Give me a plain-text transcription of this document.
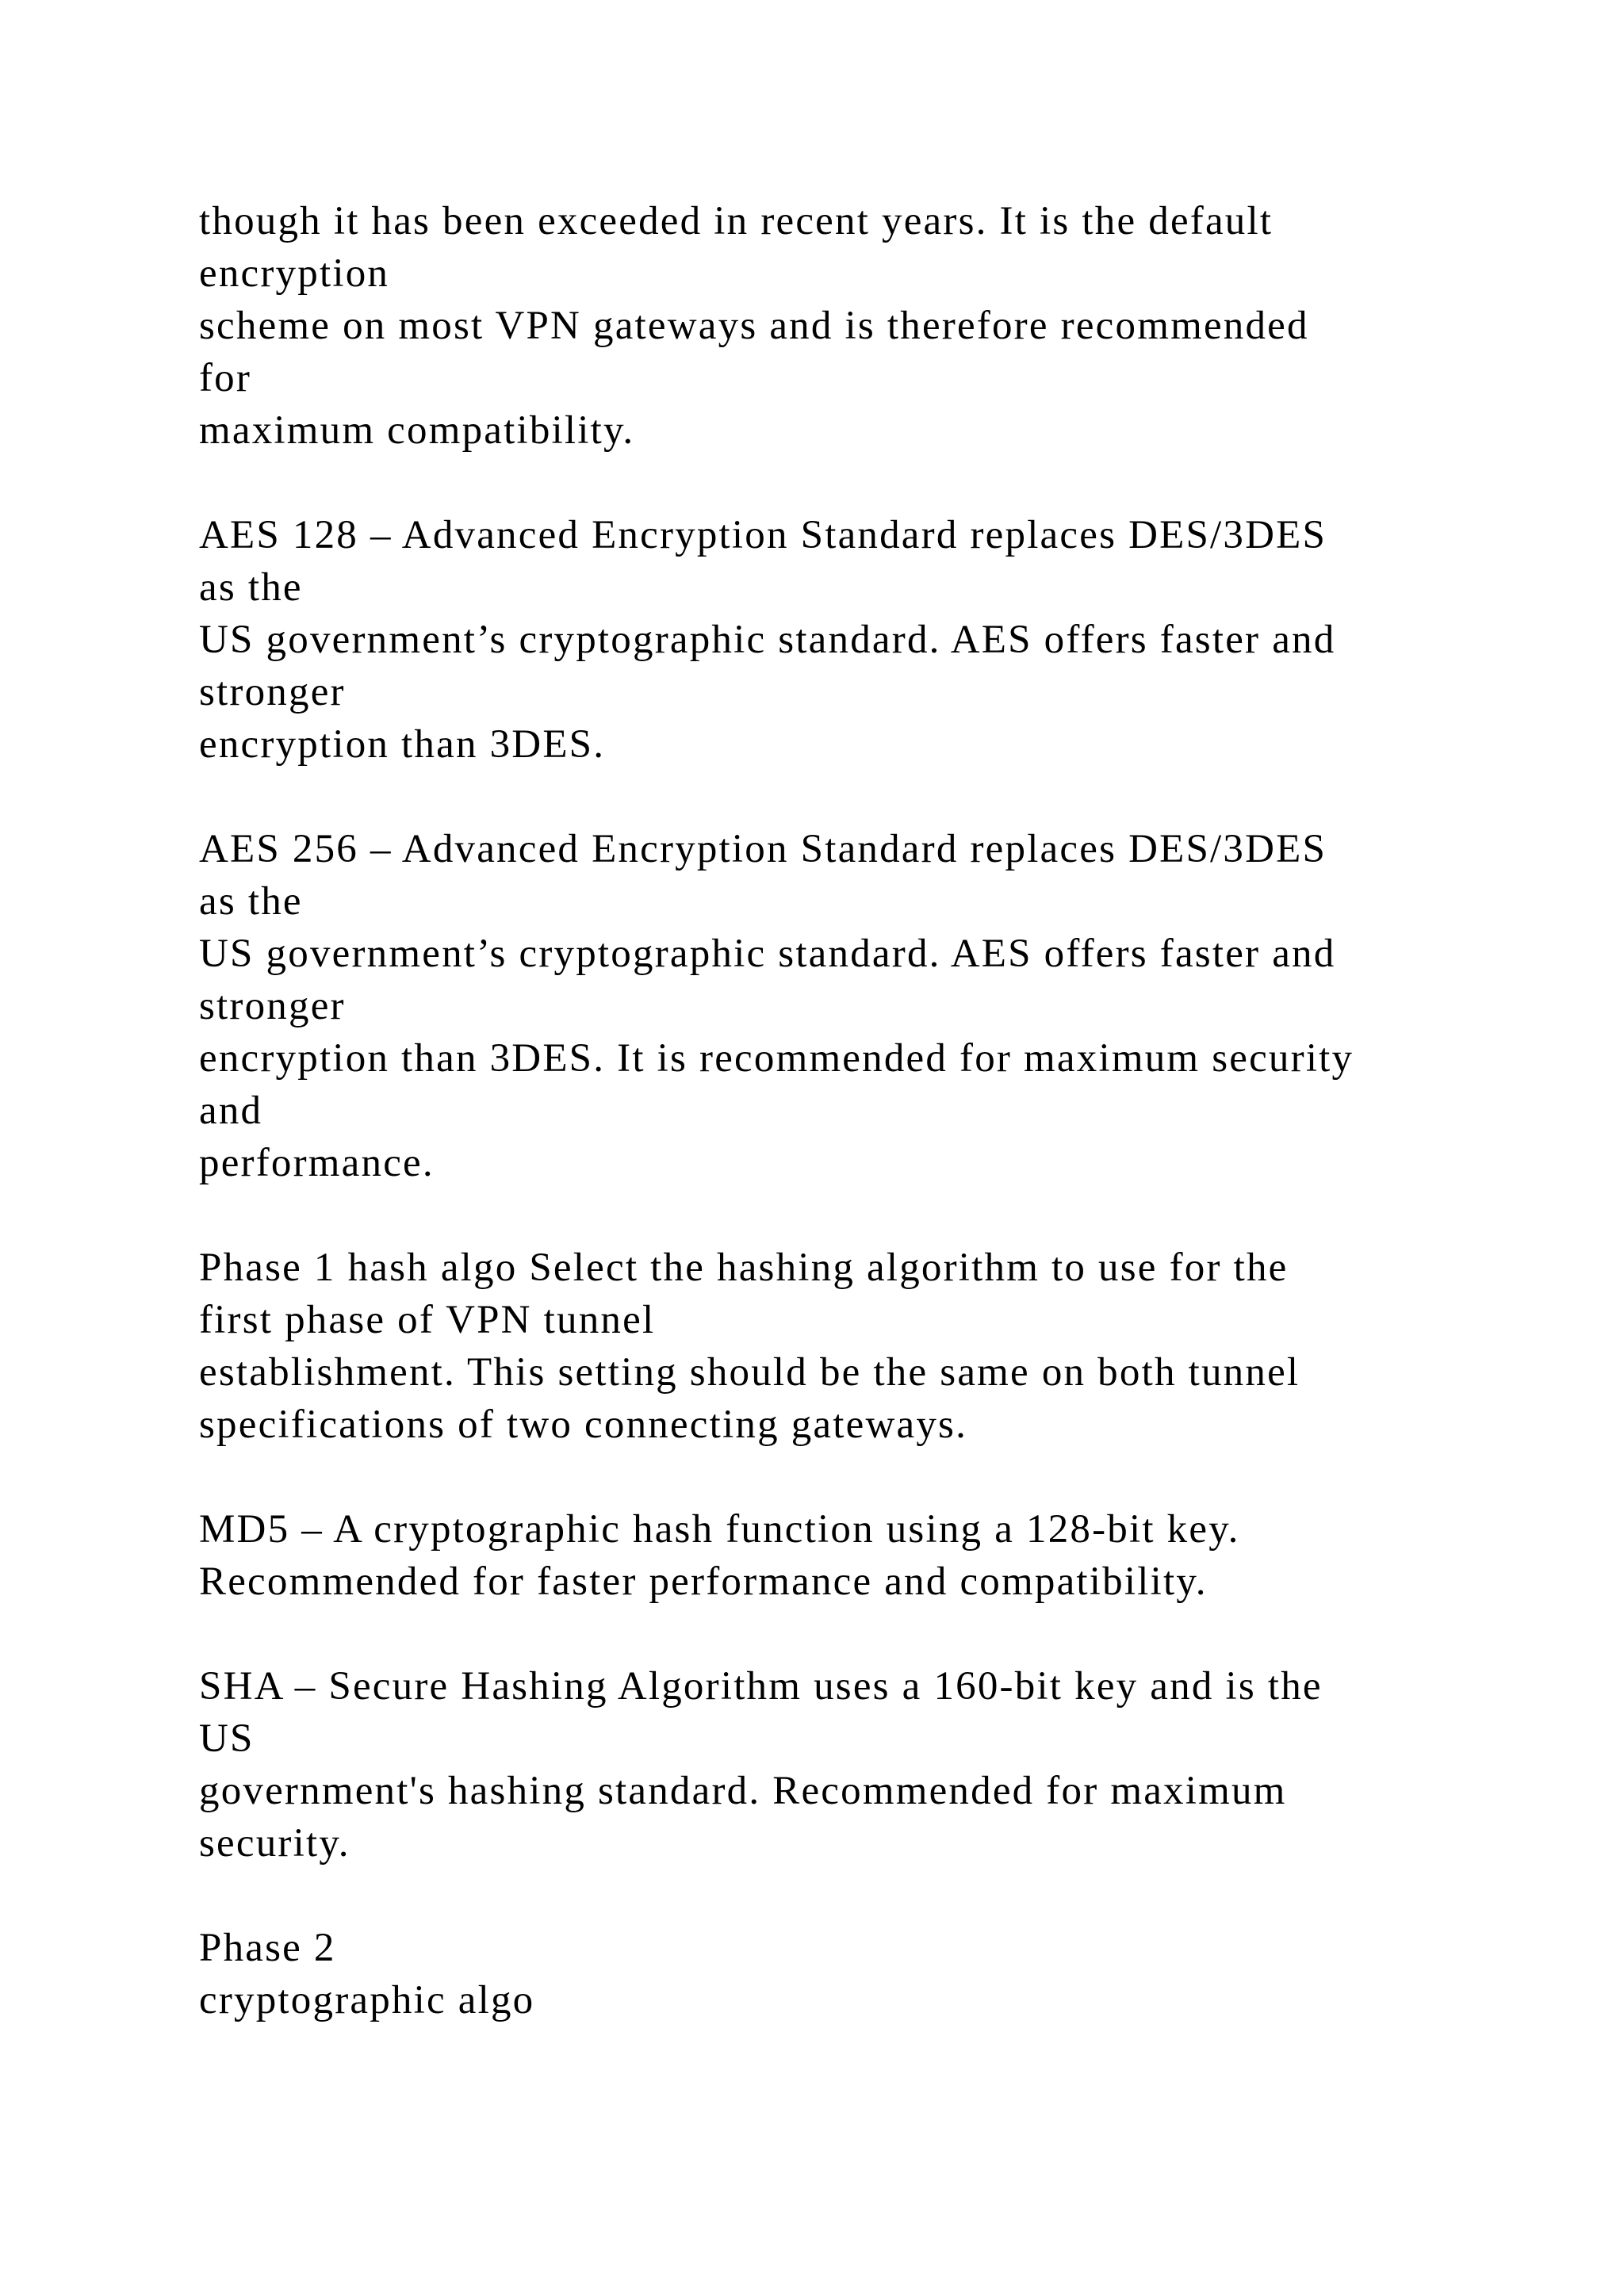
though it has been exceeded in recent years. It is the default
encryption
scheme on most VPN gateways and is therefore recommended
for
maximum compatibility.
AES 128 – Advanced Encryption Standard replaces DES/3DES
as the
US government’s cryptographic standard. AES offers faster and
stronger
encryption than 3DES.
AES 256 – Advanced Encryption Standard replaces DES/3DES
as the
US government’s cryptographic standard. AES offers faster and
stronger
encryption than 3DES. It is recommended for maximum security
and
performance.
Phase 1 hash algo Select the hashing algorithm to use for the
first phase of VPN tunnel
establishment. This setting should be the same on both tunnel
specifications of two connecting gateways.
MD5 – A cryptographic hash function using a 128-bit key.
Recommended for faster performance and compatibility.
SHA – Secure Hashing Algorithm uses a 160-bit key and is the
US
government's hashing standard. Recommended for maximum
security.
Phase 2
cryptographic algo
